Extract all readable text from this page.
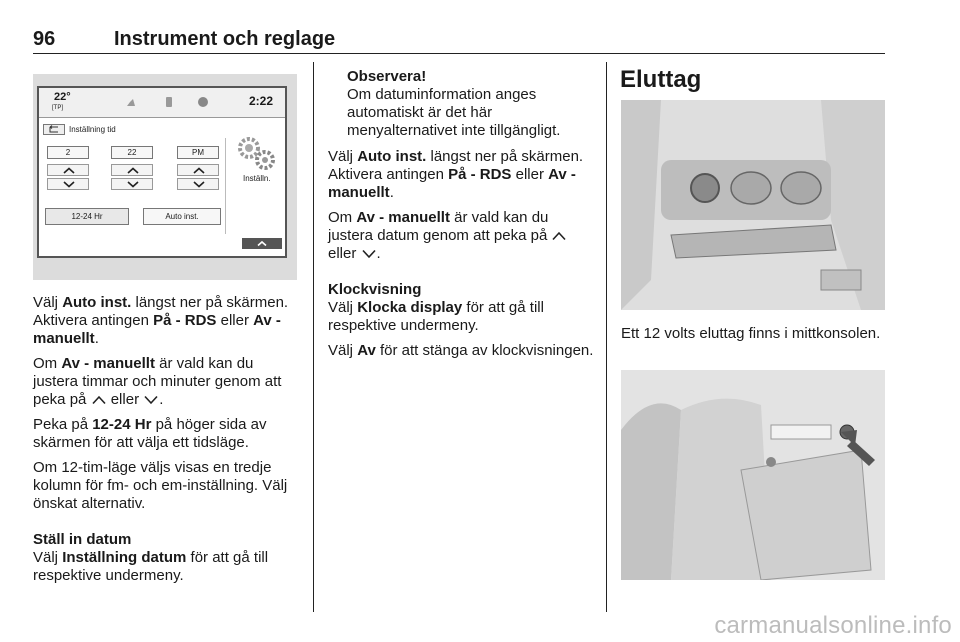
96	Instrument och reglage
22°
[TP]	2:22
Inställning tid
2	22	PM
12-24 Hr	Auto inst.
Inställn.

Välj Auto inst. längst ner på skärmen. Aktivera antingen På - RDS eller Av - manuellt.

Om Av - manuellt är vald kan du justera timmar och minuter genom att peka på  eller .

Peka på 12-24 Hr på höger sida av skärmen för att välja ett tidsläge.

Om 12-tim-läge väljs visas en tredje kolumn för fm- och em-inställning. Välj önskat alternativ.

Ställ in datum

Välj Inställning datum för att gå till respektive undermeny.

Observera!
Om datuminformation anges automatiskt är det här menyalternativet inte tillgängligt.

Välj Auto inst. längst ner på skärmen. Aktivera antingen På - RDS eller Av - manuellt.

Om Av - manuellt är vald kan du justera datum genom att peka på
eller .

Klockvisning

Välj Klocka display för att gå till respektive undermeny.

Välj Av för att stänga av klockvisningen.

Eluttag

Ett 12 volts eluttag finns i mittkonsolen.

carmanualsonline.info
